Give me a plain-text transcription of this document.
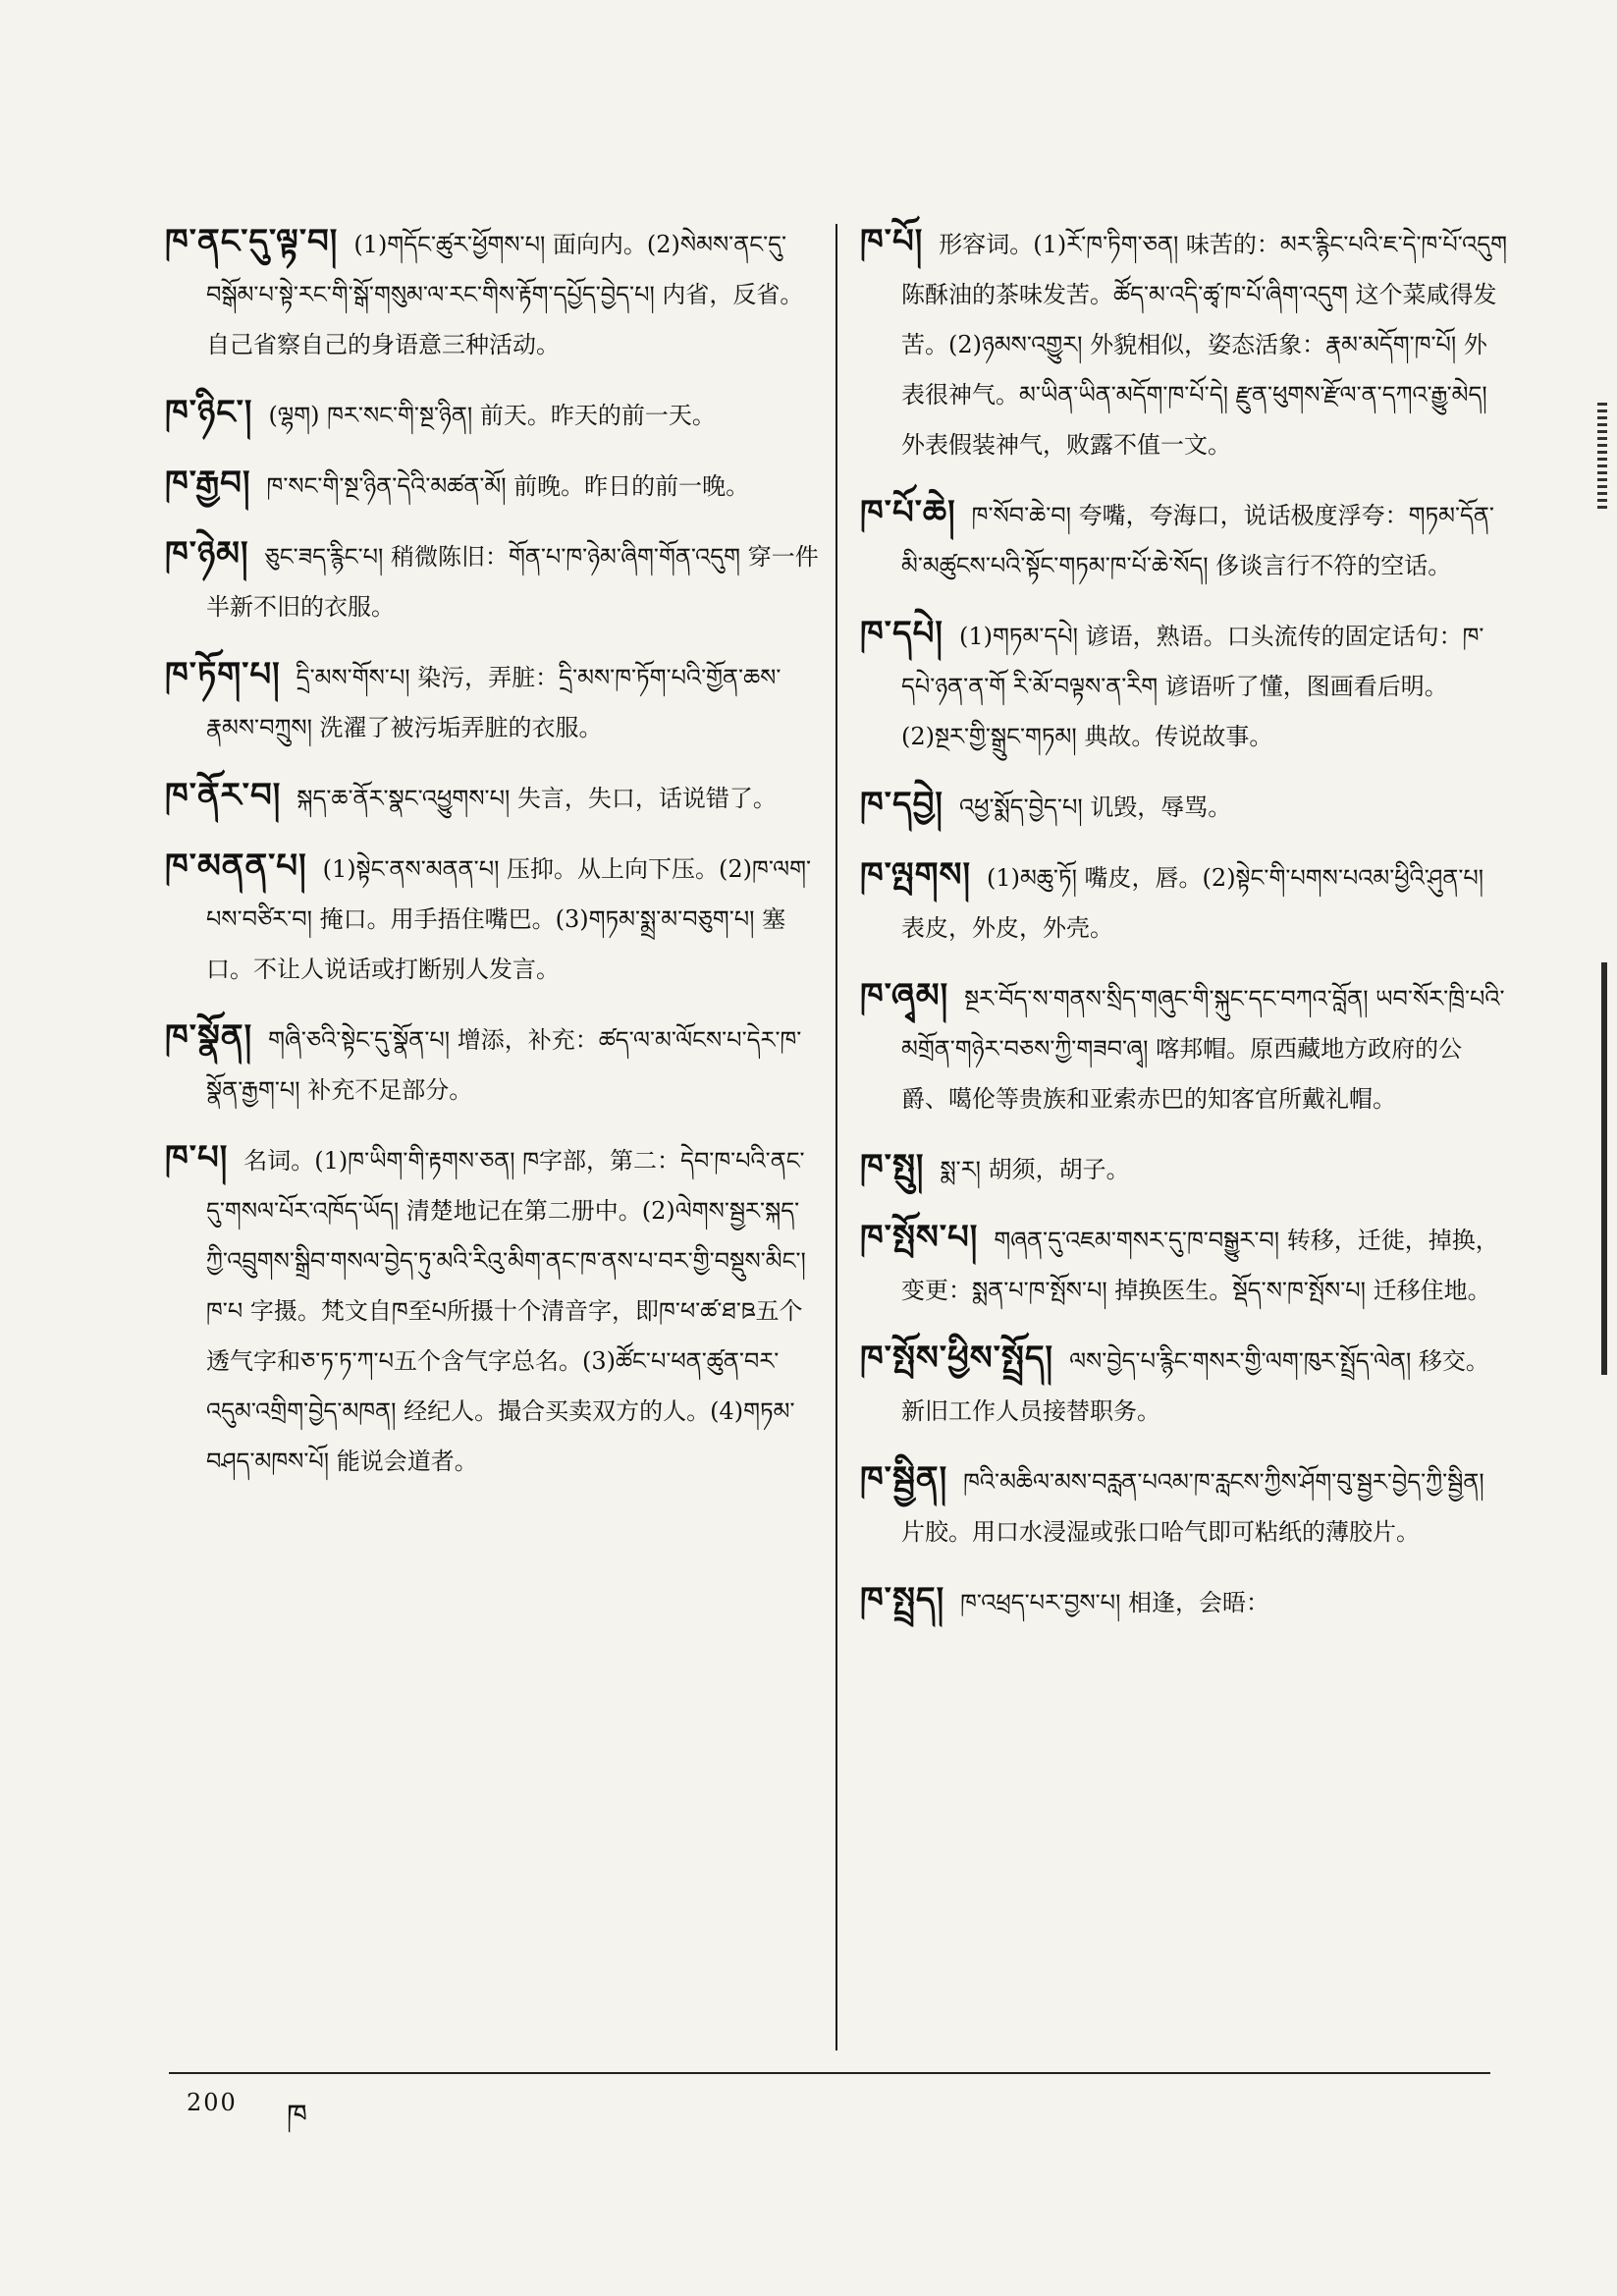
ཁ་ནང་དུ་ལྟ་བ།  (1)གདོང་ཚུར་ཕྱོགས་པ། 面向内。(2)སེམས་ནང་དུ་བསྒོམ་པ་སྟེ་རང་གི་སྒོ་གསུམ་ལ་རང་གིས་རྟོག་དཔྱོད་བྱེད་པ། 内省，反省。自己省察自己的身语意三种活动。
ཁ་ཉིང་།  (ལྷག) ཁར་སང་གི་སྔ་ཉིན། 前天。昨天的前一天。
ཁ་རྒྱབ།  ཁ་སང་གི་སྔ་ཉིན་དེའི་མཚན་མོ། 前晚。昨日的前一晚。
ཁ་ཉེམ།  ཅུང་ཟད་རྙིང་པ། 稍微陈旧：གོན་པ་ཁ་ཉེམ་ཞིག་གོན་འདུག 穿一件半新不旧的衣服。
ཁ་ཏོག་པ།  དྲི་མས་གོས་པ། 染污，弄脏：དྲི་མས་ཁ་ཏོག་པའི་གྱོན་ཆས་རྣམས་བཀྲུས། 洗濯了被污垢弄脏的衣服。
ཁ་ནོར་བ།  སྐད་ཆ་ནོར་སྣང་འཕྱུགས་པ། 失言，失口，话说错了。
ཁ་མནན་པ།  (1)སྟེང་ནས་མནན་པ། 压抑。从上向下压。(2)ཁ་ལག་པས་བཙིར་བ། 掩口。用手捂住嘴巴。(3)གཏམ་སྨྲ་མ་བཅུག་པ། 塞口。不让人说话或打断别人发言。
ཁ་སྣོན།  གཞི་ཅའི་སྟེང་དུ་སྣོན་པ། 增添，补充：ཚད་ལ་མ་ལོངས་པ་དེར་ཁ་སྣོན་རྒྱག་པ། 补充不足部分。
ཁ་པ།  名词。(1)ཁ་ཡིག་གི་རྟགས་ཅན། ཁ字部，第二：དེབ་ཁ་པའི་ནང་དུ་གསལ་པོར་འཁོད་ཡོད། 清楚地记在第二册中。(2)ལེགས་སྦྱར་སྐད་ཀྱི་འབྲུགས་སྒྲིབ་གསལ་བྱེད་ཏུ་མའི་རིའུ་མིག་ནང་ཁ་ནས་པ་བར་གྱི་བསྡུས་མིང་། ཁ་པ 字摄。梵文自ཁ至པ所摄十个清音字，即ཁ་ཕ་ཚ་ཐ་ཋ五个透气字和ཅ་ཏ་ཏ་ཀ་པ五个含气字总名。(3)ཚོང་པ་ཕན་ཚུན་བར་འདུམ་འགྲིག་བྱེད་མཁན། 经纪人。撮合买卖双方的人。(4)གཏམ་བཤད་མཁས་པོ། 能说会道者。
ཁ་པོ།  形容词。(1)རོ་ཁ་ཏིག་ཅན། 味苦的：མར་རྙིང་པའི་ཇ་དེ་ཁ་པོ་འདུག 陈酥油的茶味发苦。ཚོད་མ་འདི་ཚྭ་ཁ་པོ་ཞིག་འདུག 这个菜咸得发苦。(2)ཉམས་འགྱུར། 外貌相似，姿态活象：རྣམ་མདོག་ཁ་པོ། 外表很神气。མ་ཡིན་ཡིན་མདོག་ཁ་པོ་དེ། རྫུན་ཕུགས་རྫོལ་ན་དཀའ་རྒྱུ་མེད། 外表假装神气，败露不值一文。
ཁ་པོ་ཆེ།  ཁ་སོབ་ཆེ་བ། 夸嘴，夸海口，说话极度浮夸：གཏམ་དོན་མི་མཚུངས་པའི་སྟོང་གཏམ་ཁ་པོ་ཆེ་སོད། 侈谈言行不符的空话。
ཁ་དཔེ།  (1)གཏམ་དཔེ། 谚语，熟语。口头流传的固定话句：ཁ་དཔེ་ཉན་ན་གོ རི་མོ་བལྟས་ན་རིག 谚语听了懂，图画看后明。(2)སྔར་གྱི་སྒྲུང་གཏམ། 典故。传说故事。
ཁ་དབྱེ།  འཕྱ་སྨོད་བྱེད་པ། 讥毁，辱骂。
ཁ་ལྤགས།  (1)མཆུ་ཏོ། 嘴皮，唇。(2)སྟེང་གི་པགས་པའམ་ཕྱིའི་ཤུན་པ། 表皮，外皮，外壳。
ཁ་ཞྭམ།  སྔར་བོད་ས་གནས་སྲིད་གཞུང་གི་སྐུང་དང་བཀའ་བློན། ཡབ་སོར་ཁྲི་པའི་མགྲོན་གཉེར་བཅས་ཀྱི་གཟབ་ཞྭ། 喀邦帽。原西藏地方政府的公爵、噶伦等贵族和亚索赤巴的知客官所戴礼帽。
ཁ་སྤུ།  སྨ་ར། 胡须，胡子。
ཁ་སྤོས་པ།  གཞན་དུ་འཇམ་གསར་དུ་ཁ་བསྒྱུར་བ། 转移，迁徙，掉换，变更：སྨན་པ་ཁ་སྤོས་པ། 掉换医生。སྡོད་ས་ཁ་སྤོས་པ། 迁移住地。
ཁ་སྤོས་ཕྱིས་སྤྲོད།  ལས་བྱེད་པ་རྙིང་གསར་གྱི་ལག་ཁུར་སྤྲོད་ལེན། 移交。新旧工作人员接替职务。
ཁ་སྦྱིན།  ཁའི་མཆིལ་མས་བརླན་པའམ་ཁ་རླངས་ཀྱིས་ཤོག་བུ་སྦྱར་བྱེད་ཀྱི་སྦྱིན། 片胶。用口水浸湿或张口哈气即可粘纸的薄胶片。
ཁ་སྤྲད།  ཁ་འཕྲད་པར་བྱས་པ། 相逢，会晤：
200 ཁ
